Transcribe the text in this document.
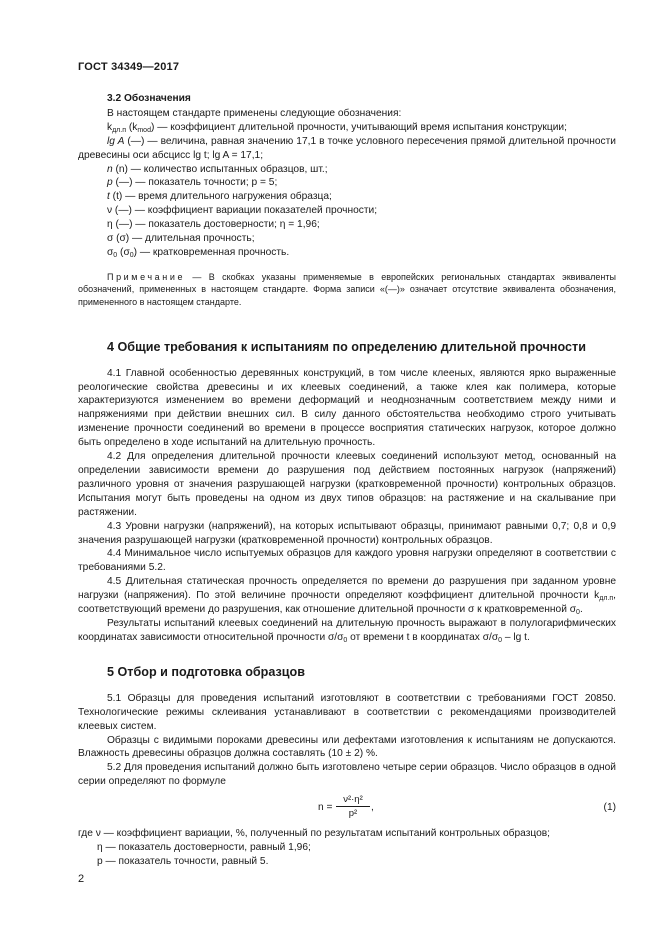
ГОСТ 34349—2017
3.2 Обозначения

В настоящем стандарте применены следующие обозначения:

$k_{дл.п}$ $(k_{mod})$ — коэффициент длительной прочности, учитывающий время испытания конструкции;

lg A (—) — величина, равная значению 17,1 в точке условного пересечения прямой длительной прочности древесины оси абсцисс lg t; lg A = 17,1;

n (n) — количество испытанных образцов, шт.;
p (—) — показатель точности; p = 5;
t (t) — время длительного нагружения образца;
ν (—) — коэффициент вариации показателей прочности;
η (—) — показатель достоверности; η = 1,96;
σ (σ) — длительная прочность;
$\sigma_0$ $(\sigma_0)$ — кратковременная прочность.
Примечание — В скобках указаны применяемые в европейских региональных стандартах эквиваленты обозначений, примененных в настоящем стандарте. Форма записи «(—)» означает отсутствие эквивалента обозначения, примененного в настоящем стандарте.

4 Общие требования к испытаниям по определению длительной прочности

4.1 Главной особенностью деревянных конструкций, в том числе клееных, являются ярко выраженные реологические свойства древесины и их клеевых соединений, а также клея как полимера, которые характеризуются изменением во времени деформаций и неоднозначным соответствием между ними и напряжениями при действии внешних сил. В силу данного обстоятельства необходимо строго учитывать изменение прочности соединений во времени в процессе восприятия статических нагрузок, которое должно быть определено в ходе испытаний на длительную прочность.

4.2 Для определения длительной прочности клеевых соединений используют метод, основанный на определении зависимости времени до разрушения под действием постоянных нагрузок (напряжений) различного уровня от значения разрушающей нагрузки (кратковременной прочности) контрольных образцов. Испытания могут быть проведены на одном из двух типов образцов: на растяжение и на скалывание при растяжении.

4.3 Уровни нагрузки (напряжений), на которых испытывают образцы, принимают равными 0,7; 0,8 и 0,9 значения разрушающей нагрузки (кратковременной прочности) контрольных образцов.

4.4 Минимальное число испытуемых образцов для каждого уровня нагрузки определяют в соответствии с требованиями 5.2.

4.5 Длительная статическая прочность определяется по времени до разрушения при заданном уровне нагрузки (напряжения). По этой величине прочности определяют коэффициент длительной прочности $k_{дл.п}$, соответствующий времени до разрушения, как отношение длительной прочности σ к кратковременной $\sigma_0$.

Результаты испытаний клеевых соединений на длительную прочность выражают в полулогарифмических координатах зависимости относительной прочности $\sigma/\sigma_0$ от времени t в координатах $\sigma/\sigma_0$ – lg t.

5 Отбор и подготовка образцов

5.1 Образцы для проведения испытаний изготовляют в соответствии с требованиями ГОСТ 20850. Технологические режимы склеивания устанавливают в соответствии с рекомендациями производителей клеевых систем.

Образцы с видимыми пороками древесины или дефектами изготовления к испытаниям не допускаются. Влажность древесины образцов должна составлять (10 ± 2) %.

5.2 Для проведения испытаний должно быть изготовлено четыре серии образцов. Число образцов в одной серии определяют по формуле

$n = \frac{\text{ν²·η²}}{\text{p²}}$ ,	(1)

где ν — коэффициент вариации, %, полученный по результатам испытаний контрольных образцов;

η — показатель достоверности, равный 1,96;

p — показатель точности, равный 5.

2
